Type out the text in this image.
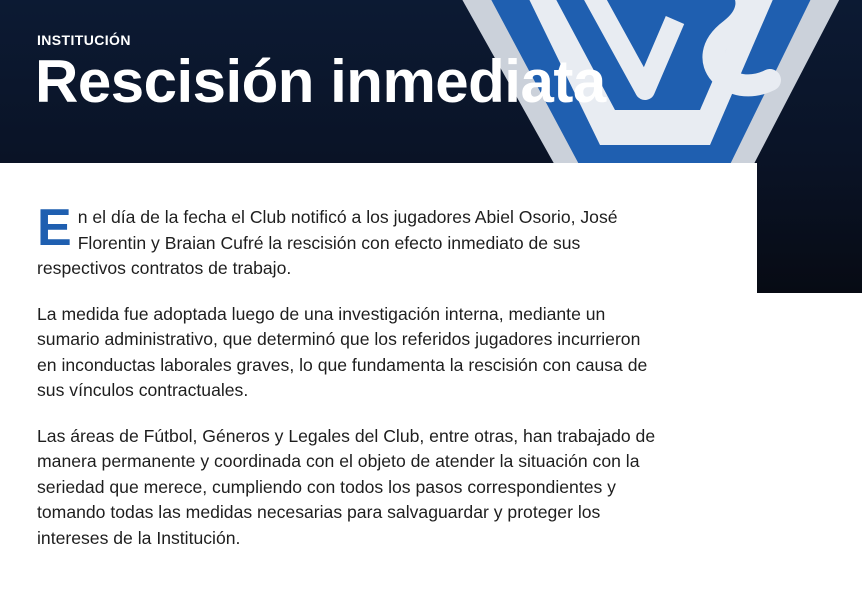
INSTITUCIÓN
Rescisión inmediata

En el día de la fecha el Club notificó a los jugadores Abiel Osorio, José Florentin y Braian Cufré la rescisión con efecto inmediato de sus respectivos contratos de trabajo.

La medida fue adoptada luego de una investigación interna, mediante un sumario administrativo, que determinó que los referidos jugadores incurrieron en inconductas laborales graves, lo que fundamenta la rescisión con causa de sus vínculos contractuales.

Las áreas de Fútbol, Géneros y Legales del Club, entre otras, han trabajado de manera permanente y coordinada con el objeto de atender la situación con la seriedad que merece, cumpliendo con todos los pasos correspondientes y tomando todas las medidas necesarias para salvaguardar y proteger los intereses de la Institución.
